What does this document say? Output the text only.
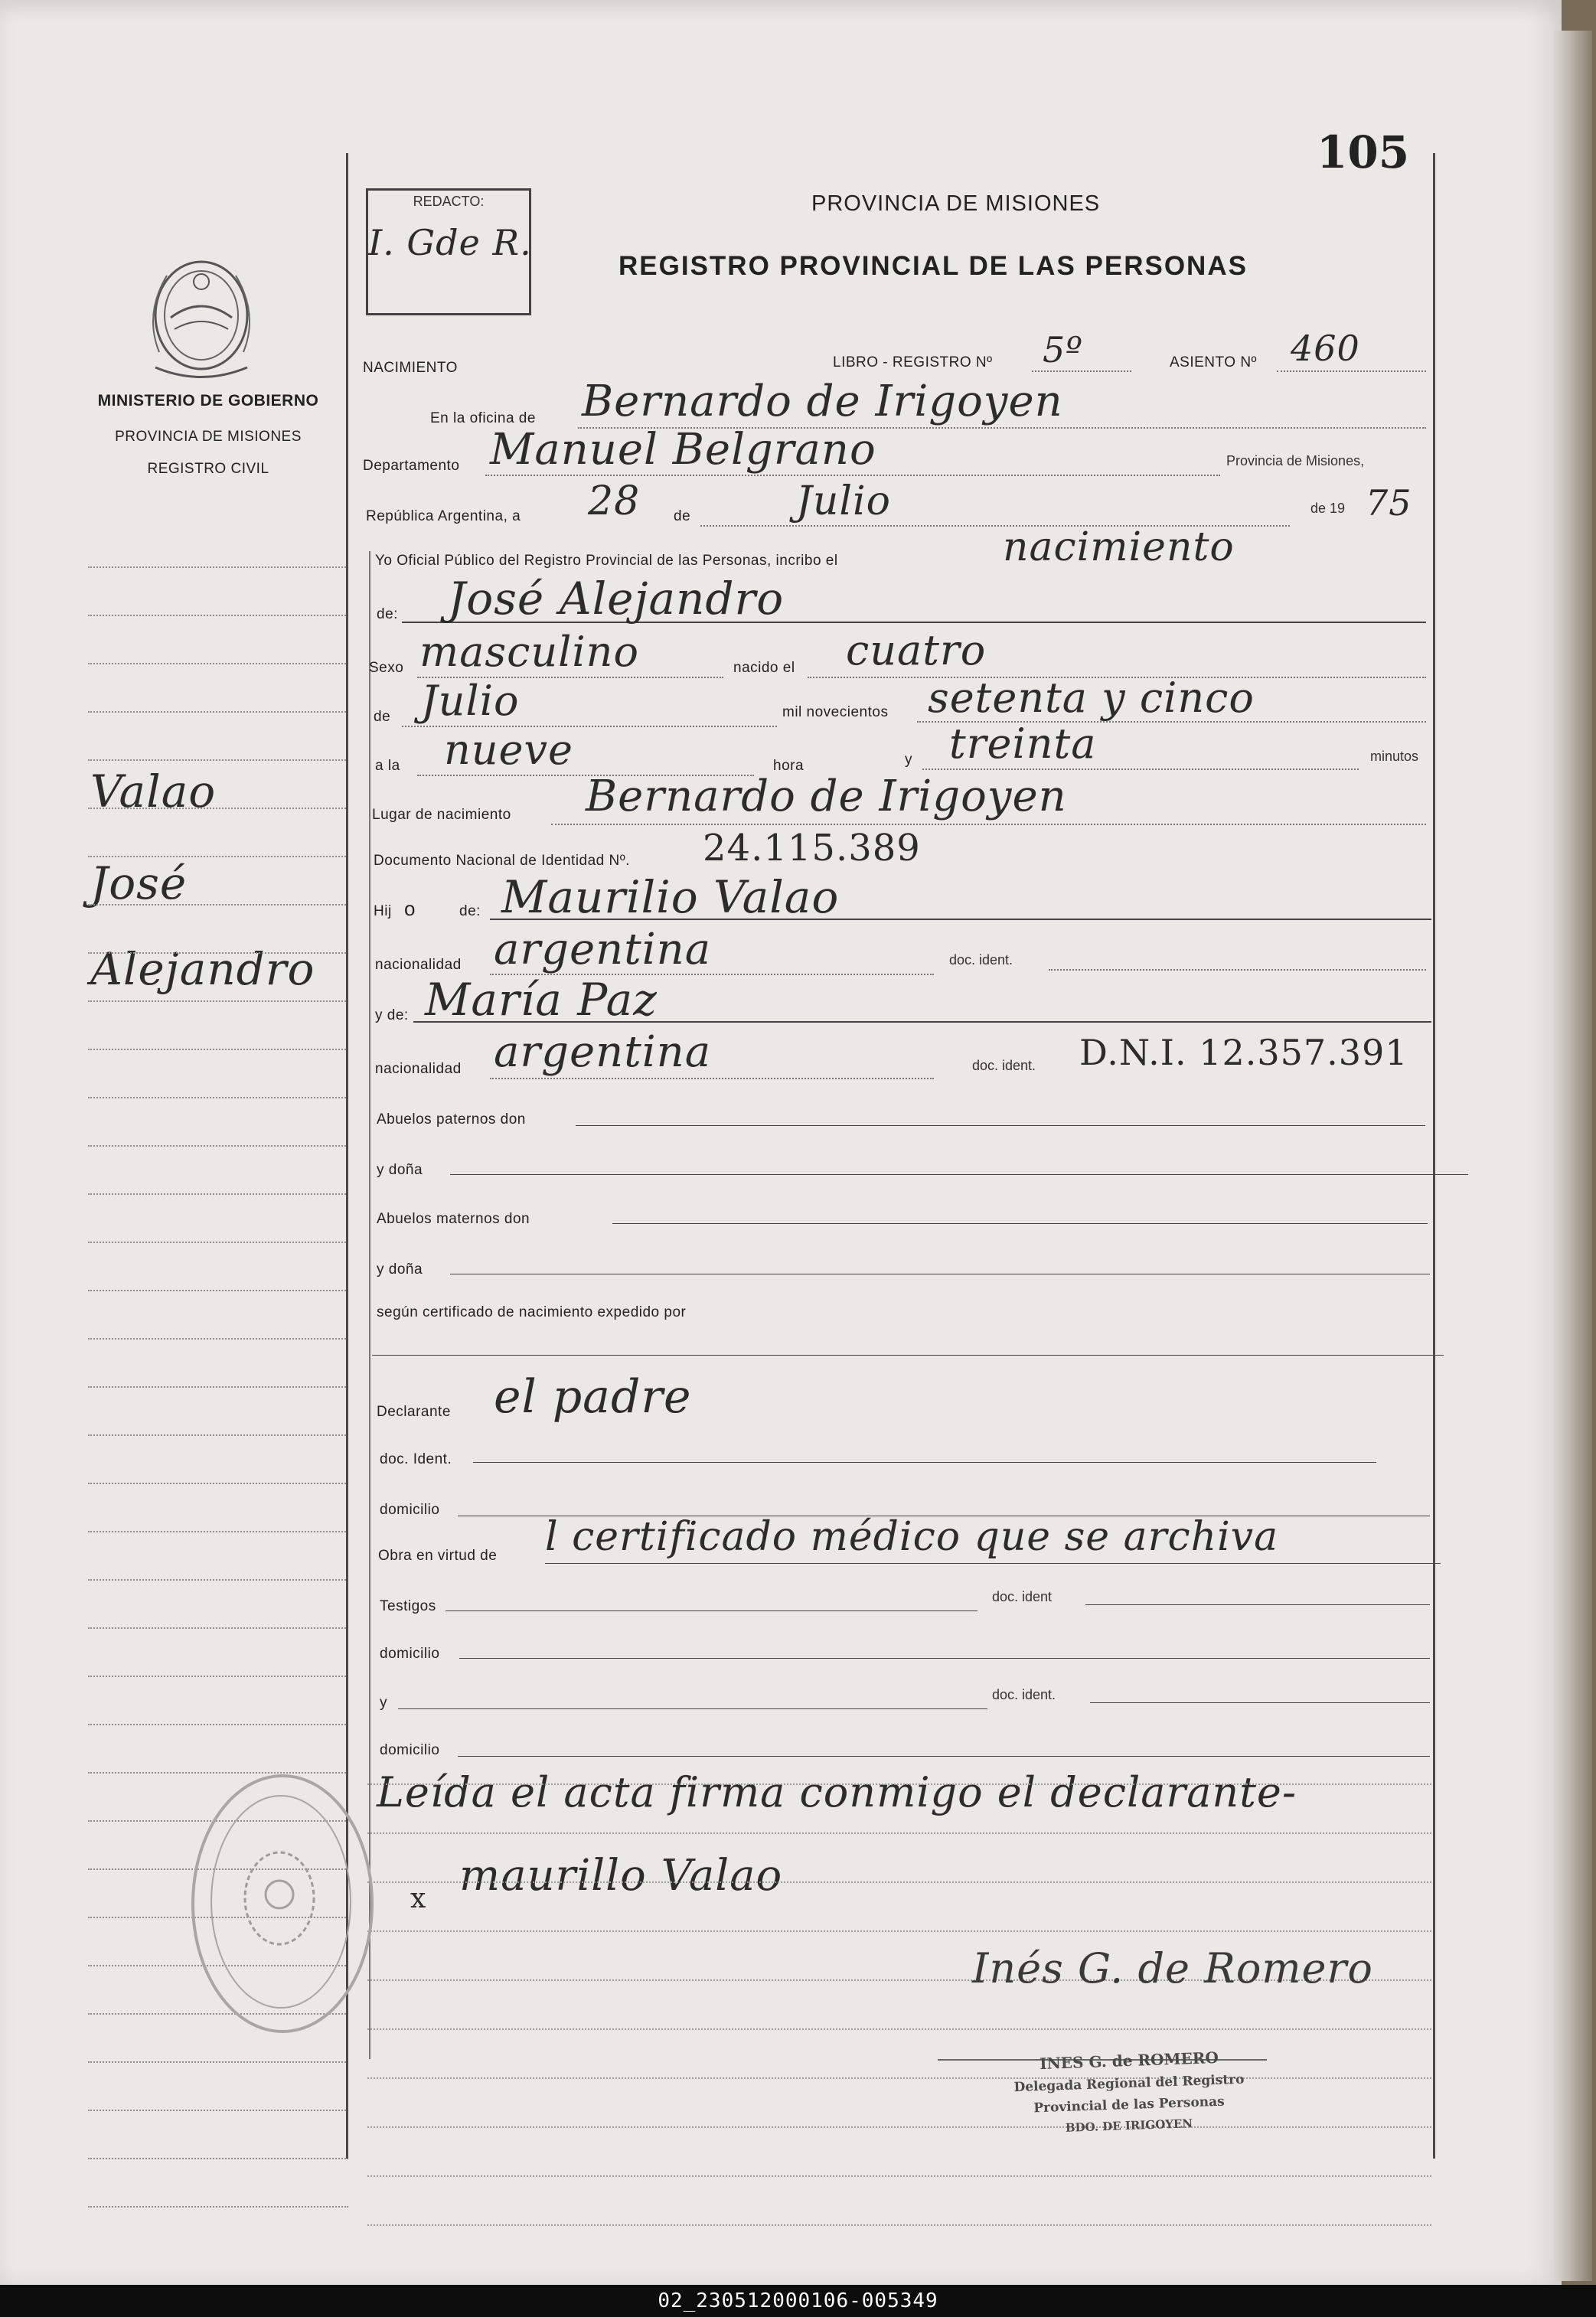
105
MINISTERIO DE GOBIERNO
PROVINCIA DE MISIONES
REGISTRO CIVIL
Valao
José
Alejandro
REDACTO:
I. Gde R.
PROVINCIA DE MISIONES
REGISTRO PROVINCIAL DE LAS PERSONAS
NACIMIENTO	LIBRO - REGISTRO Nº 5º	ASIENTO Nº 460
En la oficina de Bernardo de Irigoyen
Departamento Manuel Belgrano	Provincia de Misiones,
República Argentina, a 28 de	Julio	de 19 75
Yo Oficial Público del Registro Provincial de las Personas, incribo el	nacimiento
de: José Alejandro
Sexo masculino	nacido el cuatro
de Julio	mil novecientos setenta y cinco
a la nueve	hora	y treinta	minutos
Lugar de nacimiento Bernardo de Irigoyen
Documento Nacional de Identidad Nº. 24.115.389
Hij o	de: Maurilio Valao
nacionalidad argentina	doc. ident.
y de: María Paz
nacionalidad argentina	doc. ident. D.N.I. 12.357.391
Abuelos paternos don
y doña
Abuelos maternos don
y doña
según certificado de nacimiento expedido por
Declarante el padre
doc. Ident.
domicilio
Obra en virtud de l certificado médico que se archiva
Testigos
doc. ident
domicilio
y	doc. ident.
domicilio
Leída el acta firma conmigo el declarante-
x maurillo Valao
Inés G. de Romero
INES G. de ROMERO
Delegada Regional del Registro
Provincial de las Personas
BDO. DE IRIGOYEN
02_230512000106-005349
